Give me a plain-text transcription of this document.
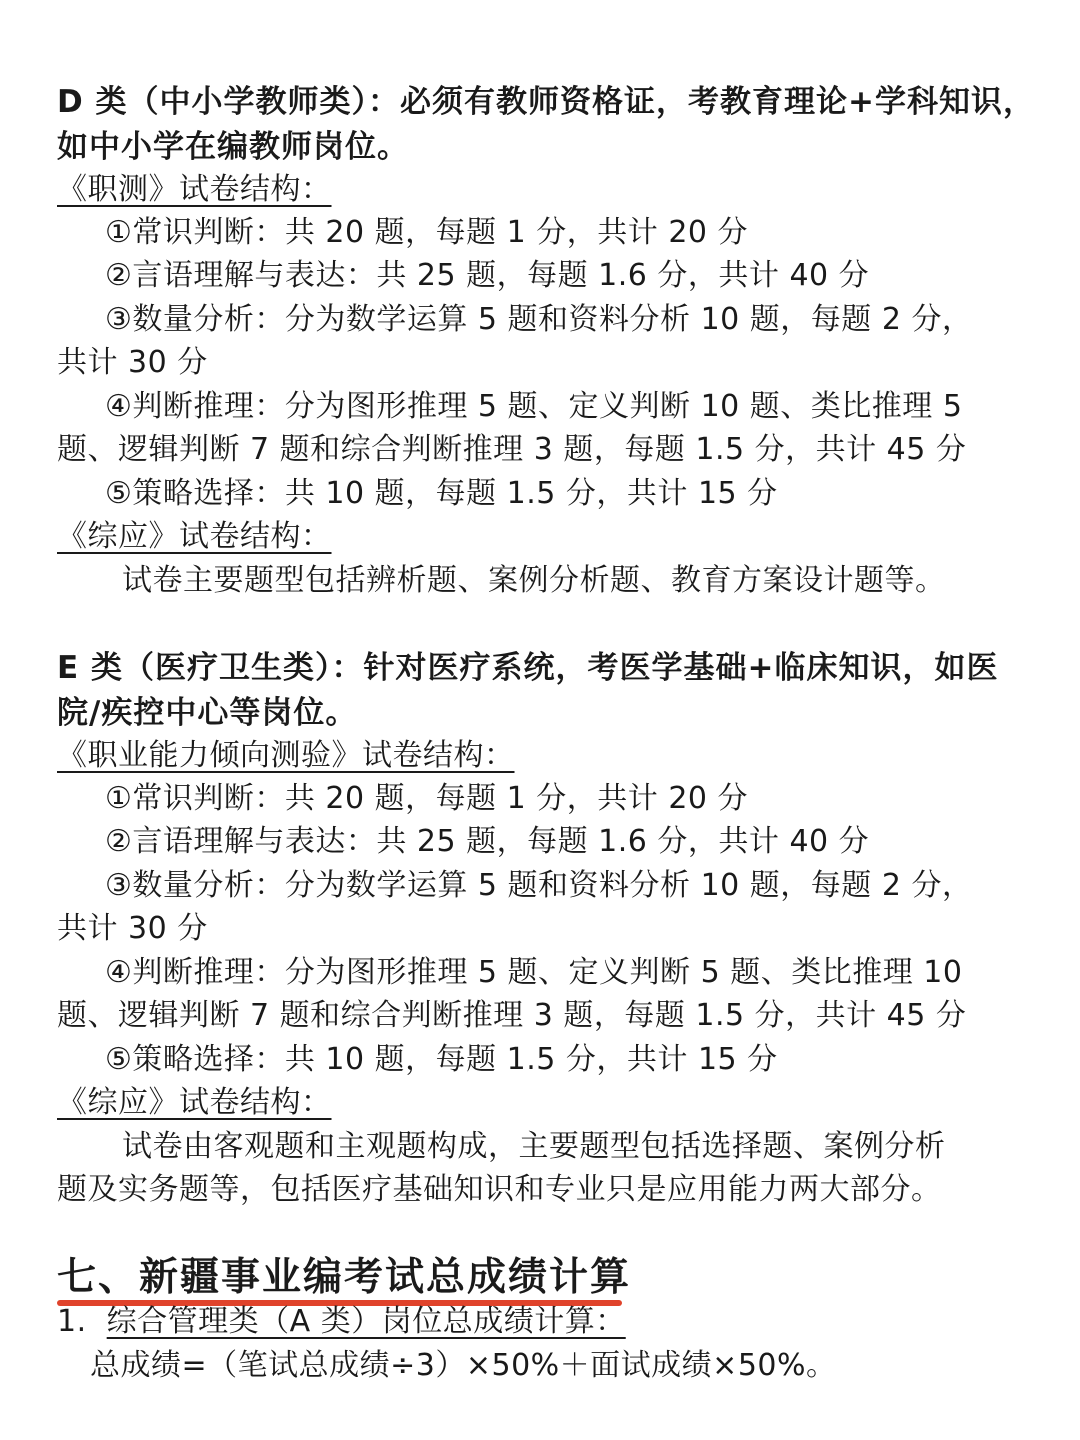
D 类（中小学教师类）：必须有教师资格证，考教育理论+学科知识，
如中小学在编教师岗位。
《职测》试卷结构：
①常识判断：共 20 题，每题 1 分，共计 20 分
②言语理解与表达：共 25 题，每题 1.6 分，共计 40 分
③数量分析：分为数学运算 5 题和资料分析 10 题，每题 2 分，
共计 30 分
④判断推理：分为图形推理 5 题、定义判断 10 题、类比推理 5
题、逻辑判断 7 题和综合判断推理 3 题，每题 1.5 分，共计 45 分
⑤策略选择：共 10 题，每题 1.5 分，共计 15 分
《综应》试卷结构：
试卷主要题型包括辨析题、案例分析题、教育方案设计题等。
E 类（医疗卫生类）：针对医疗系统，考医学基础+临床知识，如医
院/疾控中心等岗位。
《职业能力倾向测验》试卷结构：
①常识判断：共 20 题，每题 1 分，共计 20 分
②言语理解与表达：共 25 题，每题 1.6 分，共计 40 分
③数量分析：分为数学运算 5 题和资料分析 10 题，每题 2 分，
共计 30 分
④判断推理：分为图形推理 5 题、定义判断 5 题、类比推理 10
题、逻辑判断 7 题和综合判断推理 3 题，每题 1.5 分，共计 45 分
⑤策略选择：共 10 题，每题 1.5 分，共计 15 分
《综应》试卷结构：
试卷由客观题和主观题构成，主要题型包括选择题、案例分析
题及实务题等，包括医疗基础知识和专业只是应用能力两大部分。
七、新疆事业编考试总成绩计算
1. 综合管理类（A 类）岗位总成绩计算：
总成绩=（笔试总成绩÷3）×50%＋面试成绩×50%。
